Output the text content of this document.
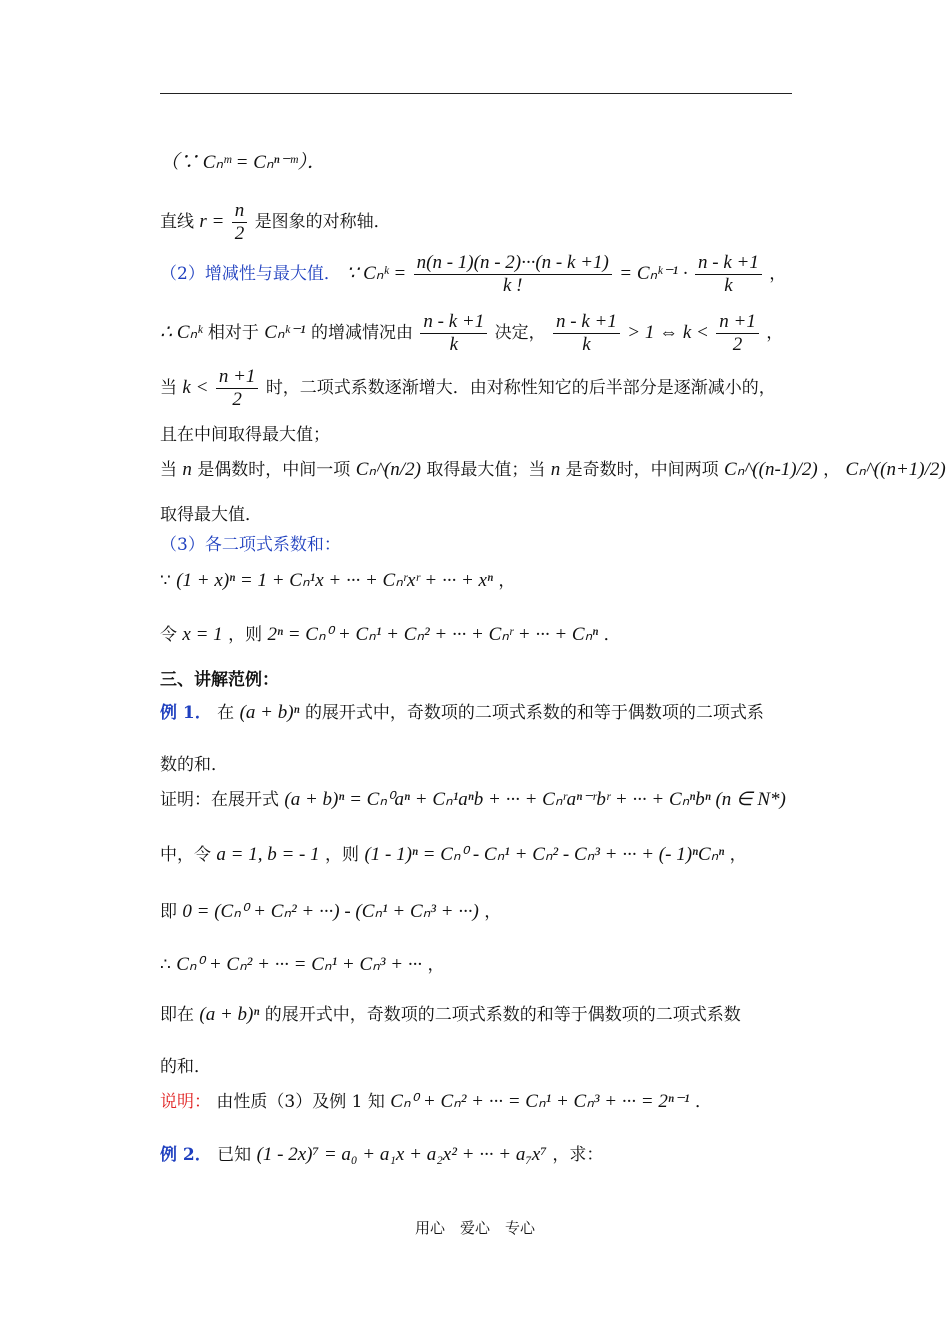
（∵ Cₙᵐ = Cₙⁿ⁻ᵐ）．
直线 $r = \frac{n}{2}$ 是图象的对称轴．
（2）增减性与最大值． ∵ Cₙᵏ = $\frac{n(n - 1)(n - 2)\cdot\cdot\cdot(n - k +1)}{k !}$ = Cₙᵏ⁻¹ · $\frac{n - k +1}{k}$ ，
∴ Cₙᵏ 相对于 Cₙᵏ⁻¹ 的增减情况由 $\frac{n - k +1}{k}$ 决定， $\frac{n - k +1}{k} > 1$ ⇔ $k < \frac{n +1}{2}$ ，
当 $k < \frac{n +1}{2}$ 时，二项式系数逐渐增大．由对称性知它的后半部分是逐渐减小的，
且在中间取得最大值；
当 n 是偶数时，中间一项 Cₙ^(n/2) 取得最大值；当 n 是奇数时，中间两项 Cₙ^((n-1)/2) ， Cₙ^((n+1)/2)
取得最大值．
（3）各二项式系数和：
∵ (1 + x)ⁿ = 1 + Cₙ¹x + ··· + Cₙʳxʳ + ··· + xⁿ ，
令 x = 1 ，则 2ⁿ = Cₙ⁰ + Cₙ¹ + Cₙ² + ··· + Cₙʳ + ··· + Cₙⁿ ．
三、讲解范例：
例 1． 在 (a + b)ⁿ 的展开式中，奇数项的二项式系数的和等于偶数项的二项式系
数的和．
证明：在展开式 (a + b)ⁿ = Cₙ⁰aⁿ + Cₙ¹aⁿb + ··· + Cₙʳaⁿ⁻ʳbʳ + ··· + Cₙⁿbⁿ (n ∈ N*)
中，令 a = 1, b = - 1 ，则 (1 - 1)ⁿ = Cₙ⁰ - Cₙ¹ + Cₙ² - Cₙ³ + ··· + (- 1)ⁿCₙⁿ ，
即 0 = (Cₙ⁰ + Cₙ² + ···) - (Cₙ¹ + Cₙ³ + ···) ，
∴ Cₙ⁰ + Cₙ² + ··· = Cₙ¹ + Cₙ³ + ··· ，
即在 (a + b)ⁿ 的展开式中，奇数项的二项式系数的和等于偶数项的二项式系数
的和．
说明： 由性质（3）及例 1 知 Cₙ⁰ + Cₙ² + ··· = Cₙ¹ + Cₙ³ + ··· = 2ⁿ⁻¹ ．
例 2． 已知 (1 - 2x)⁷ = a₀ + a₁x + a₂x² + ··· + a₇x⁷ ，求：
用心　爱心　专心
